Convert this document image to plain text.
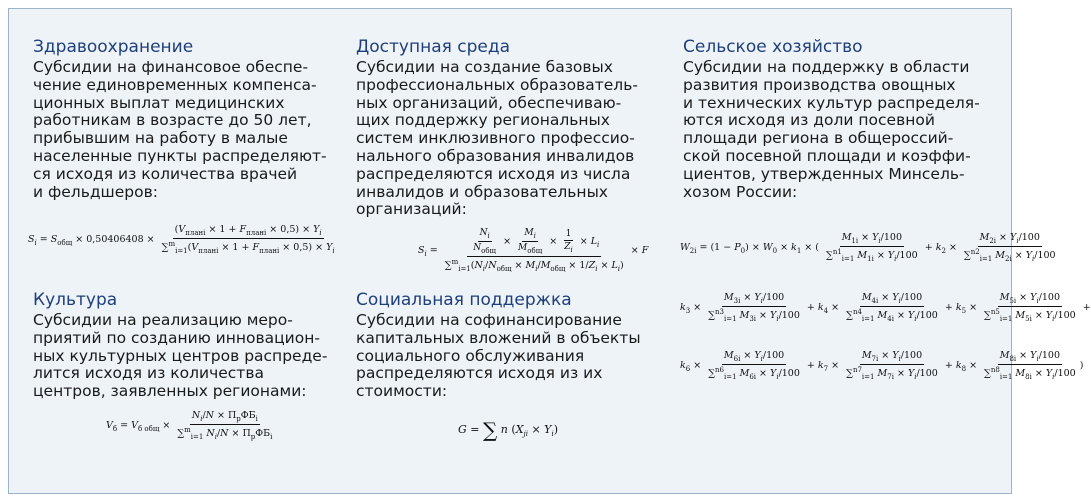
Здравоохранение
Субсидии на финансовое обеспе-
чение единовременных компенса-
ционных выплат медицинских
работникам в возрасте до 50 лет,
прибывшим на работу в малые
населенные пункты распределяют-
ся исходя из количества врачей
и фельдшеров:
Доступная среда
Субсидии на создание базовых
профессиональных образователь-
ных организаций, обеспечиваю-
щих поддержку региональных
систем инклюзивного профессио-
нального образования инвалидов
распределяются исходя из числа
инвалидов и образовательных
организаций:
Сельское хозяйство
Субсидии на поддержку в области
развития производства овощных
и технических культур распределя-
ются исходя из доли посевной
площади региона в общероссий-
ской посевной площади и коэффи-
циентов, утвержденных Минсель-
хозом России:
Культура
Субсидии на реализацию меро-
приятий по созданию инновацион-
ных культурных центров распреде-
лится исходя из количества
центров, заявленных регионами:
Социальная поддержка
Субсидии на софинансирование
капитальных вложений в объекты
социального обслуживания
распределяются исходя из их
стоимости:
$S_i = S_{общ} \times 0,50406408$ ×
$(V_{планi} \times 1 + F_{планi} \times 0,5) \times Y_i$
$\sum^m_{i=1}(V_{планi} \times 1 + F_{планi} \times 0,5) \times Y_i$	$S_i$ =
$N_i$
$N_{общ}$
×
$M_i$
$M_{общ}$
× $\frac{1}{Z_i} \times L_i$
$\sum^m_{i=1}(N_i/N_{общ} \times M_i/M_{общ} \times 1/Z_i \times L_i)$
× F
$V_б = V_{б общ}$ ×
$N_i/N \times П_рФБ_i$
∑$^m_{i=1}$ $N_i/N \times П_рФБ_i$
G = ∑ n $(X_{ji} \times Y_i)$
$W_{2i} = (1 - P_0) \times W_0 \times k_1$ × ( $\frac{M_{1i} \times Y_i/100}{\sum^{n1}_{i=1} M_{1i} \times Y_i/100} + k_2 \times \frac{M_{2i} \times Y_i/100}{\sum^{n2}_{i=1} M_{2i} \times Y_i/100}$
$k_3 \times \frac{M_{3i} \times Y_i/100}{\sum^{n3}_{i=1} M_{3i} \times Y_i/100} + k_4 \times \frac{M_{4i} \times Y_i/100}{\sum^{n4}_{i=1} M_{4i} \times Y_i/100} + k_5 \times \frac{M_{5i} \times Y_i/100}{\sum^{n5}_{i=1} M_{5i} \times Y_i/100}$ +
$k_6 \times \frac{M_{6i} \times Y_i/100}{\sum^{n6}_{i=1} M_{6i} \times Y_i/100} + k_7 \times \frac{M_{7i} \times Y_i/100}{\sum^{n7}_{i=1} M_{7i} \times Y_i/100} + k_8 \times \frac{M_{8i} \times Y_i/100}{\sum^{n8}_{i=1} M_{8i} \times Y_i/100}$ )
